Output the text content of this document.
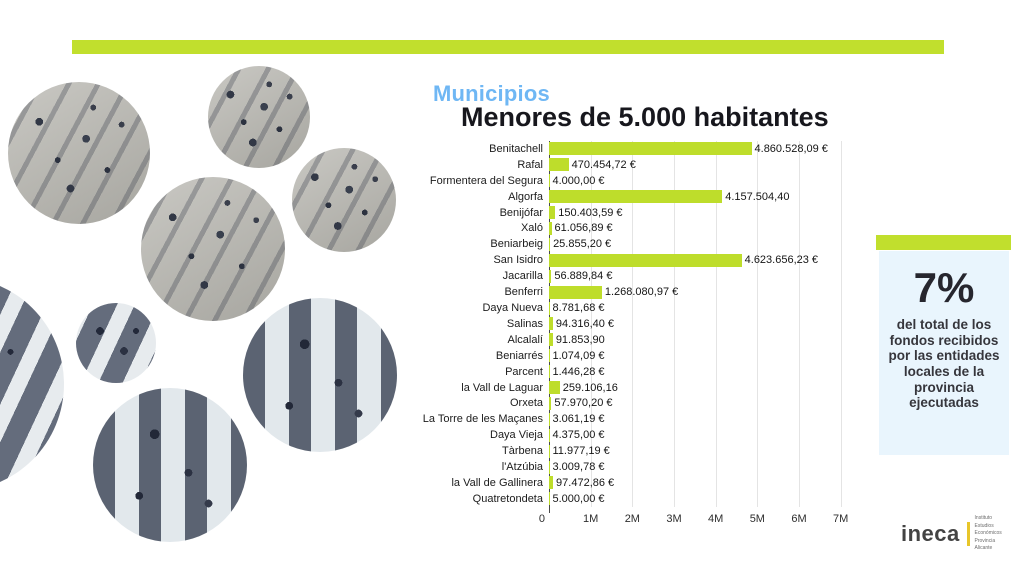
Municipios
Menores de 5.000 habitantes
Benitachell	4.860.528,09 €
Rafal	470.454,72 €
Formentera del Segura 4.000,00 €
Algorfa	4.157.504,40
Benijófar	150.403,59 €
Xaló	61.056,89 €
Beniarbeig 25.855,20 €
San Isidro	4.623.656,23 €
Jacarilla	56.889,84 €
Benferri	1.268.080,97 €
Daya Nueva 8.781,68 €
Salinas	94.316,40 €
Alcalalí	91.853,90
Beniarrés 1.074,09 €
Parcent 1.446,28 €
la Vall de Laguar	259.106,16
Orxeta	57.970,20 €
La Torre de les Maçanes 3.061,19 €
Daya Vieja 4.375,00 €
Tàrbena 11.977,19 €
l'Atzúbia 3.009,78 €
la Vall de Gallinera	97.472,86 €
Quatretondeta 5.000,00 €
0	1M	2M	3M	4M	5M	6M	7M
7%
del total de los fondos recibidos por las entidades locales de la provincia ejecutadas
ineca
Instituto Estudios
Económicos
Provincia Alicante
